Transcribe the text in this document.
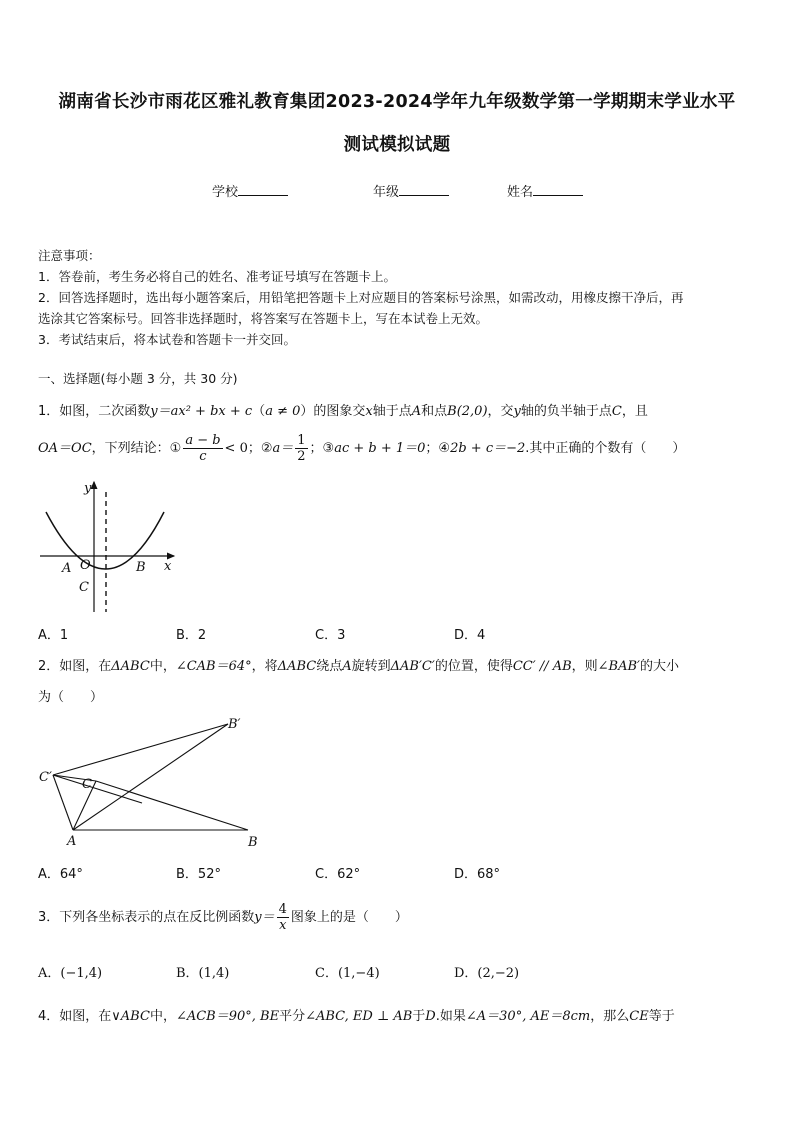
湖南省长沙市雨花区雅礼教育集团2023-2024学年九年级数学第一学期期末学业水平
测试模拟试题
学校	年级	姓名

注意事项：

1．答卷前，考生务必将自己的姓名、准考证号填写在答题卡上。

2．回答选择题时，选出每小题答案后，用铅笔把答题卡上对应题目的答案标号涂黑，如需改动，用橡皮擦干净后，再

选涂其它答案标号。回答非选择题时，将答案写在答题卡上，写在本试卷上无效。

3．考试结束后，将本试卷和答题卡一并交回。

一、选择题(每小题 3 分，共 30 分)
1．如图，二次函数y＝ax² + bx + c（a ≠ 0）的图象交x轴于点A和点B(2,0)，交y轴的负半轴于点C，且
OA＝OC，下列结论：① $\frac{a - b}{c} < 0$；②a＝ $\frac{1}{2}$ ；③ac + b + 1＝0；④2b + c＝−2.其中正确的个数有（　　）
y
x
A O	B
C
A．1	B．2	C．3	D．4
2．如图，在ΔABC中，∠CAB＝64°，将ΔABC绕点A旋转到ΔAB′C′的位置，使得CC′ // AB，则∠BAB′的大小
为（　　）
B′
C′ C
A	B
A．64°	B．52°	C．62°	D．68°
3．下列各坐标表示的点在反比例函数$y= \frac{4}{x}$ 图象上的是（　　）
A．(−1,4)	B．(1,4)	C．(1,−4)	D．(2,−2)
4．如图，在∨ABC中，∠ACB＝90°, BE平分∠ABC, ED ⊥ AB于D.如果∠A＝30°, AE＝8cm，那么CE等于
